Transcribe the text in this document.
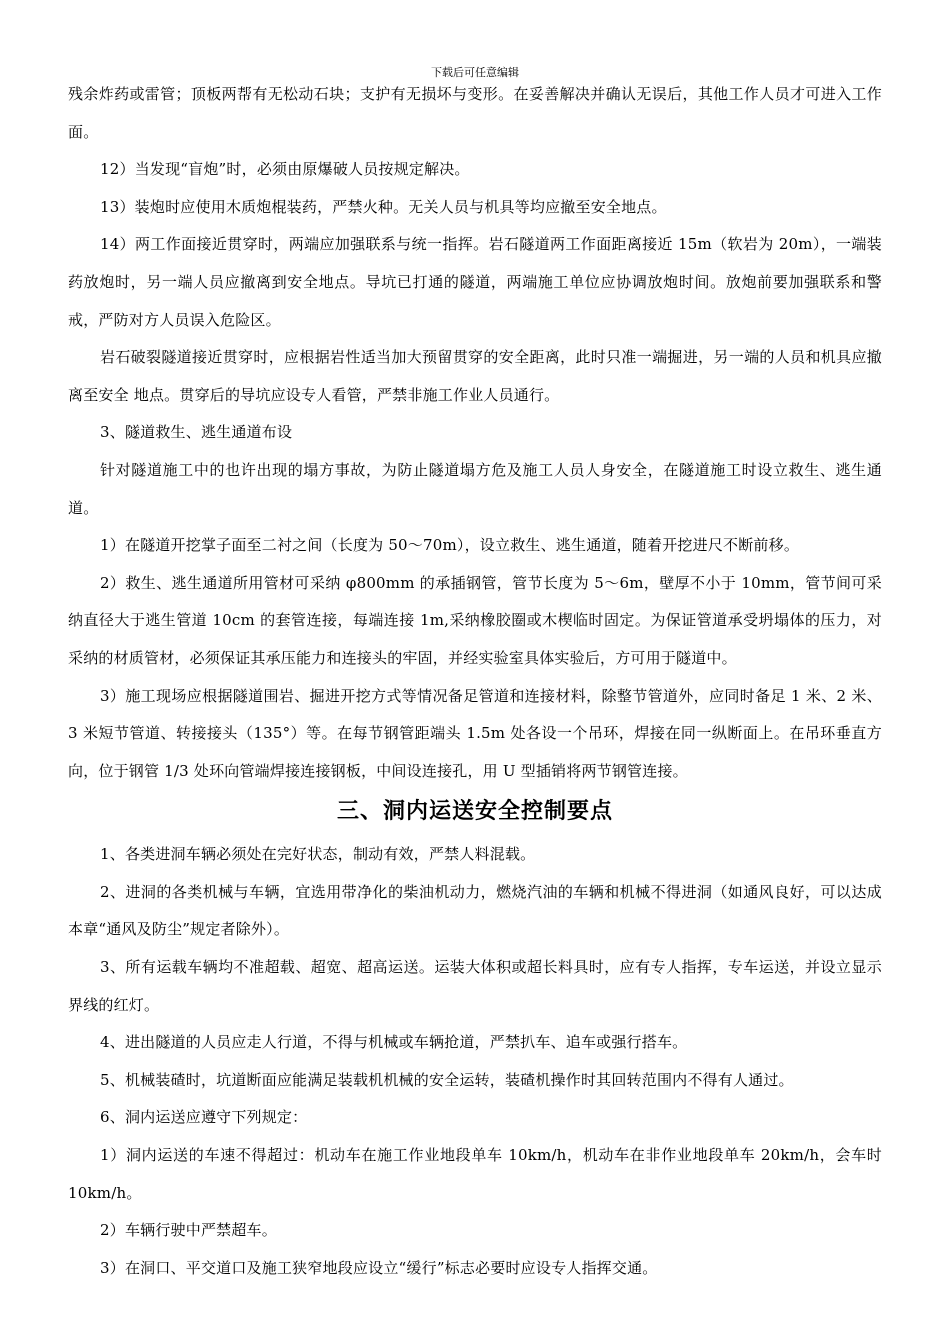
下载后可任意编辑

残余炸药或雷管；顶板两帮有无松动石块；支护有无损坏与变形。在妥善解决并确认无误后，其他工作人员才可进入工作面。

12）当发现“盲炮”时，必须由原爆破人员按规定解决。

13）装炮时应使用木质炮棍装药，严禁火种。无关人员与机具等均应撤至安全地点。

14）两工作面接近贯穿时，两端应加强联系与统一指挥。岩石隧道两工作面距离接近 15m（软岩为 20m），一端装药放炮时，另一端人员应撤离到安全地点。导坑已打通的隧道，两端施工单位应协调放炮时间。放炮前要加强联系和警戒，严防对方人员误入危险区。

岩石破裂隧道接近贯穿时，应根据岩性适当加大预留贯穿的安全距离，此时只准一端掘进，另一端的人员和机具应撤离至安全 地点。贯穿后的导坑应设专人看管，严禁非施工作业人员通行。

3、隧道救生、逃生通道布设

针对隧道施工中的也许出现的塌方事故，为防止隧道塌方危及施工人员人身安全，在隧道施工时设立救生、逃生通道。

1）在隧道开挖掌子面至二衬之间（长度为 50～70m），设立救生、逃生通道，随着开挖进尺不断前移。

2）救生、逃生通道所用管材可采纳 φ800mm 的承插钢管，管节长度为 5～6m，壁厚不小于 10mm，管节间可采纳直径大于逃生管道 10cm 的套管连接，每端连接 1m,采纳橡胶圈或木楔临时固定。为保证管道承受坍塌体的压力，对采纳的材质管材，必须保证其承压能力和连接头的牢固，并经实验室具体实验后，方可用于隧道中。

3）施工现场应根据隧道围岩、掘进开挖方式等情况备足管道和连接材料，除整节管道外，应同时备足 1 米、2 米、3 米短节管道、转接接头（135°）等。在每节钢管距端头 1.5m 处各设一个吊环，焊接在同一纵断面上。在吊环垂直方向，位于钢管 1/3 处环向管端焊接连接钢板，中间设连接孔，用 U 型插销将两节钢管连接。

三、洞内运送安全控制要点

1、各类进洞车辆必须处在完好状态，制动有效，严禁人料混载。

2、进洞的各类机械与车辆，宜选用带净化的柴油机动力，燃烧汽油的车辆和机械不得进洞（如通风良好，可以达成本章“通风及防尘”规定者除外）。

3、所有运载车辆均不准超载、超宽、超高运送。运装大体积或超长料具时，应有专人指挥，专车运送，并设立显示界线的红灯。

4、进出隧道的人员应走人行道，不得与机械或车辆抢道，严禁扒车、追车或强行搭车。

5、机械装碴时，坑道断面应能满足装载机机械的安全运转，装碴机操作时其回转范围内不得有人通过。

6、洞内运送应遵守下列规定：

1）洞内运送的车速不得超过：机动车在施工作业地段单车 10km/h，机动车在非作业地段单车 20km/h，会车时 10km/h。

2）车辆行驶中严禁超车。

3）在洞口、平交道口及施工狭窄地段应设立“缓行”标志必要时应设专人指挥交通。
